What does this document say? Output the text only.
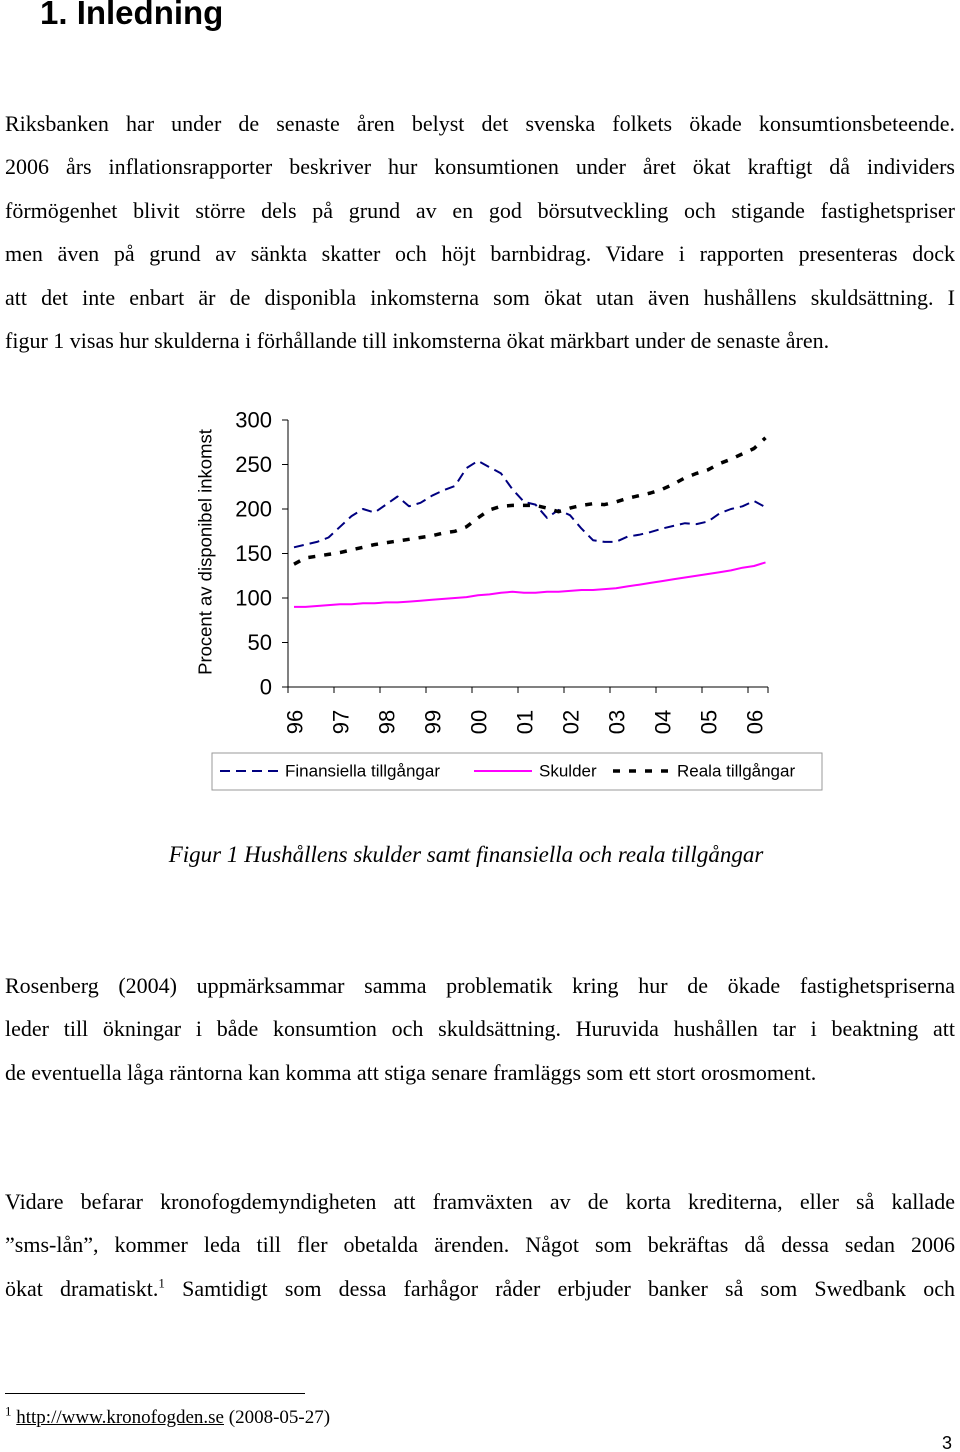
1. Inledning
Riksbanken har under de senaste åren belyst det svenska folkets ökade konsumtionsbeteende.
2006 års inflationsrapporter beskriver hur konsumtionen under året ökat kraftigt då individers
förmögenhet blivit större dels på grund av en god börsutveckling och stigande fastighetspriser
men även på grund av sänkta skatter och höjt barnbidrag. Vidare i rapporten presenteras dock
att det inte enbart är de disponibla inkomsterna som ökat utan även hushållens skuldsättning. I
figur 1 visas hur skulderna i förhållande till inkomsterna ökat märkbart under de senaste åren.
Procent av disponibel inkomst
0
50
100
150
200
250
300
96 97 98 99 00 01 02 03 04 05 06
Finansiella tillgångar	Skulder	Reala tillgångar
Figur 1 Hushållens skulder samt finansiella och reala tillgångar
Rosenberg (2004) uppmärksammar samma problematik kring hur de ökade fastighetspriserna
leder till ökningar i både konsumtion och skuldsättning. Huruvida hushållen tar i beaktning att
de eventuella låga räntorna kan komma att stiga senare framläggs som ett stort orosmoment.
Vidare befarar kronofogdemyndigheten att framväxten av de korta krediterna, eller så kallade
”sms-lån”, kommer leda till fler obetalda ärenden. Något som bekräftas då dessa sedan 2006
ökat dramatiskt.$^1$ Samtidigt som dessa farhågor råder erbjuder banker så som Swedbank och
$^1$ http://www.kronofogden.se (2008-05-27)
3
